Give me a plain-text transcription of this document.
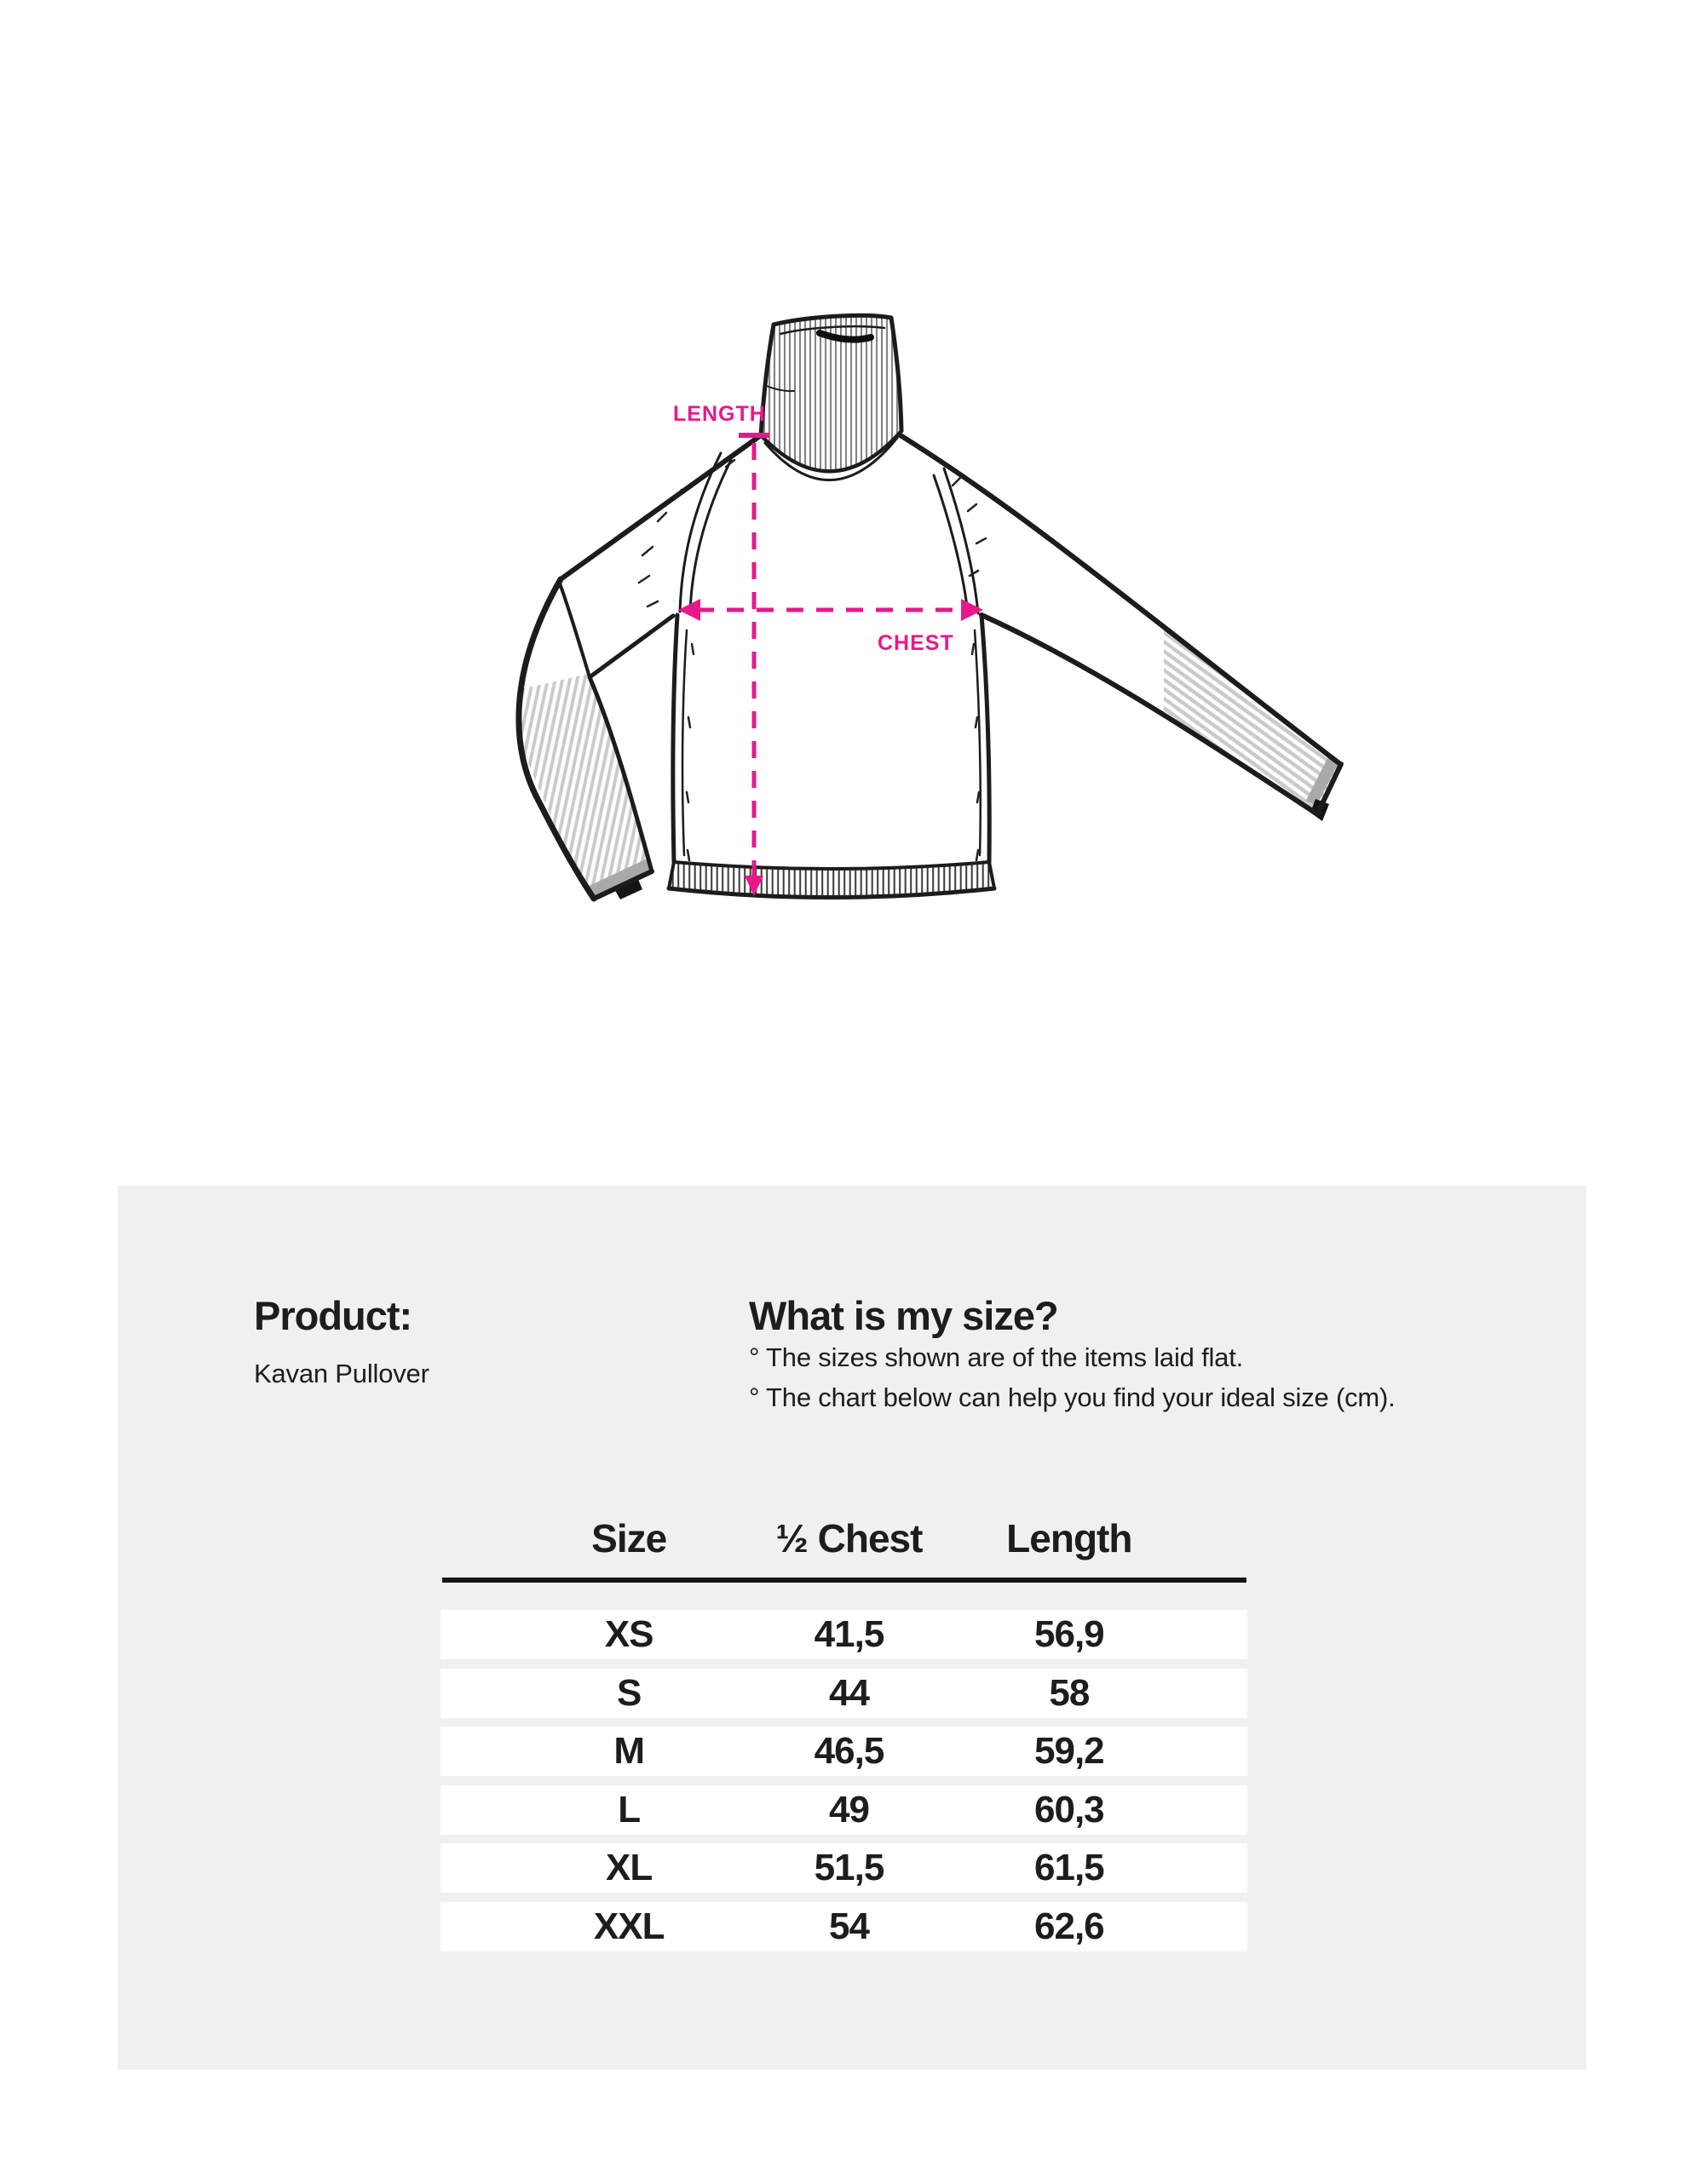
LENGTH
CHEST
Product:

Kavan Pullover

What is my size?

° The sizes shown are of the items laid flat.

° The chart below can help you find your ideal size (cm).

Size	½ Chest	Length
XS	41,5	56,9
S	44	58
M	46,5	59,2
L	49	60,3
XL	51,5	61,5
XXL	54	62,6
